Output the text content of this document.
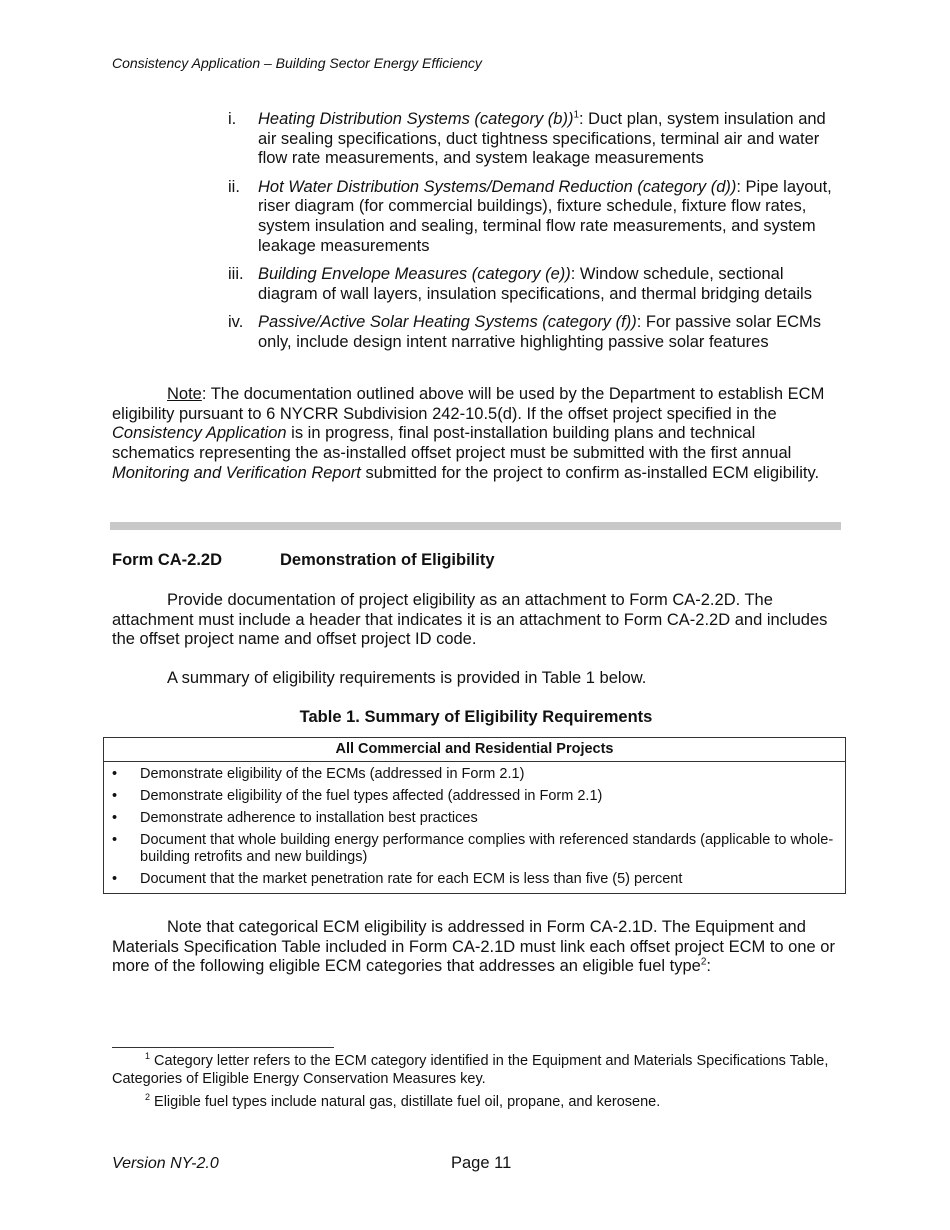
Consistency Application – Building Sector Energy Efficiency
i.	Heating Distribution Systems (category (b))$^1$: Duct plan, system insulation and air sealing specifications, duct tightness specifications, terminal air and water flow rate measurements, and system leakage measurements
ii.	Hot Water Distribution Systems/Demand Reduction (category (d)): Pipe layout, riser diagram (for commercial buildings), fixture schedule, fixture flow rates, system insulation and sealing, terminal flow rate measurements, and system leakage measurements
iii. Building Envelope Measures (category (e)): Window schedule, sectional diagram of wall layers, insulation specifications, and thermal bridging details
iv. Passive/Active Solar Heating Systems (category (f)): For passive solar ECMs only, include design intent narrative highlighting passive solar features

Note: The documentation outlined above will be used by the Department to establish ECM eligibility pursuant to 6 NYCRR Subdivision 242-10.5(d). If the offset project specified in the Consistency Application is in progress, final post-installation building plans and technical schematics representing the as-installed offset project must be submitted with the first annual Monitoring and Verification Report submitted for the project to confirm as-installed ECM eligibility.

Form CA-2.2D	Demonstration of Eligibility

Provide documentation of project eligibility as an attachment to Form CA-2.2D. The attachment must include a header that indicates it is an attachment to Form CA-2.2D and includes the offset project name and offset project ID code.

A summary of eligibility requirements is provided in Table 1 below.

Table 1. Summary of Eligibility Requirements
All Commercial and Residential Projects
•	Demonstrate eligibility of the ECMs (addressed in Form 2.1)
•	Demonstrate eligibility of the fuel types affected (addressed in Form 2.1)
•	Demonstrate adherence to installation best practices
•	Document that whole building energy performance complies with referenced standards (applicable to whole-building retrofits and new buildings)
•	Document that the market penetration rate for each ECM is less than five (5) percent

Note that categorical ECM eligibility is addressed in Form CA-2.1D. The Equipment and Materials Specification Table included in Form CA-2.1D must link each offset project ECM to one or more of the following eligible ECM categories that addresses an eligible fuel type$^2$:

$^1$ Category letter refers to the ECM category identified in the Equipment and Materials Specifications Table, Categories of Eligible Energy Conservation Measures key.

$^2$ Eligible fuel types include natural gas, distillate fuel oil, propane, and kerosene.

Version NY-2.0	Page 11
